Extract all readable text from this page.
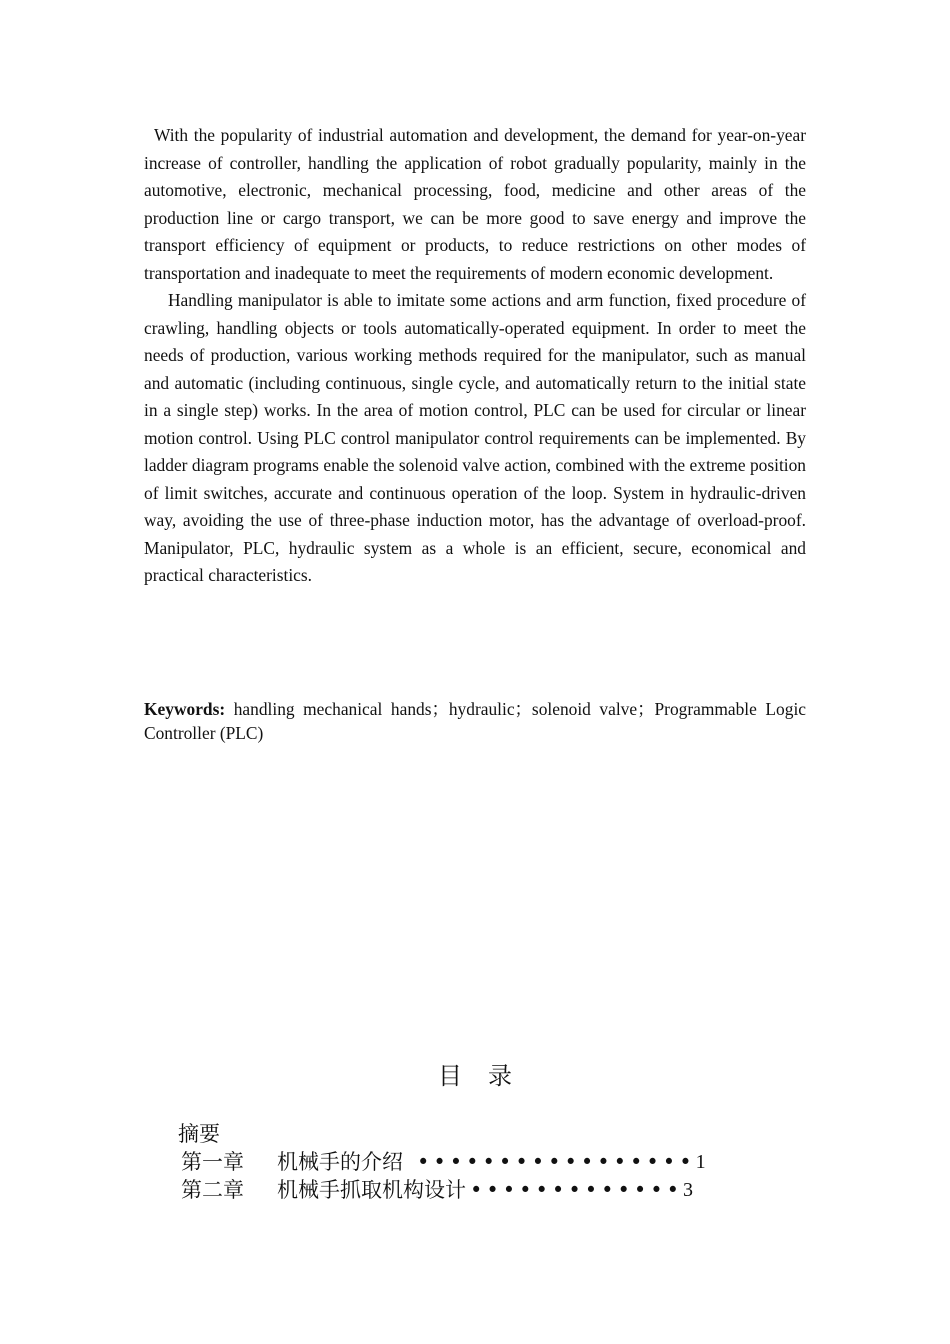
With the popularity of industrial automation and development, the demand for year-on-year increase of controller, handling the application of robot gradually popularity, mainly in the automotive, electronic, mechanical processing, food, medicine and other areas of the production line or cargo transport, we can be more good to save energy and improve the transport efficiency of equipment or products, to reduce restrictions on other modes of transportation and inadequate to meet the requirements of modern economic development.

Handling manipulator is able to imitate some actions and arm function, fixed procedure of crawling, handling objects or tools automatically-operated equipment. In order to meet the needs of production, various working methods required for the manipulator, such as manual and automatic (including continuous, single cycle, and automatically return to the initial state in a single step) works. In the area of motion control, PLC can be used for circular or linear motion control. Using PLC control manipulator control requirements can be implemented. By ladder diagram programs enable the solenoid valve action, combined with the extreme position of limit switches, accurate and continuous operation of the loop. System in hydraulic-driven way, avoiding the use of three-phase induction motor, has the advantage of overload-proof. Manipulator, PLC, hydraulic system as a whole is an efficient, secure, economical and practical characteristics.

Keywords: handling mechanical hands；hydraulic；solenoid valve；Programmable Logic Controller (PLC)
目录
摘要
第一章	机械手的介绍 ••••••••••••••••• 1
第二章	机械手抓取机构设计 ••••••••••••• 3
